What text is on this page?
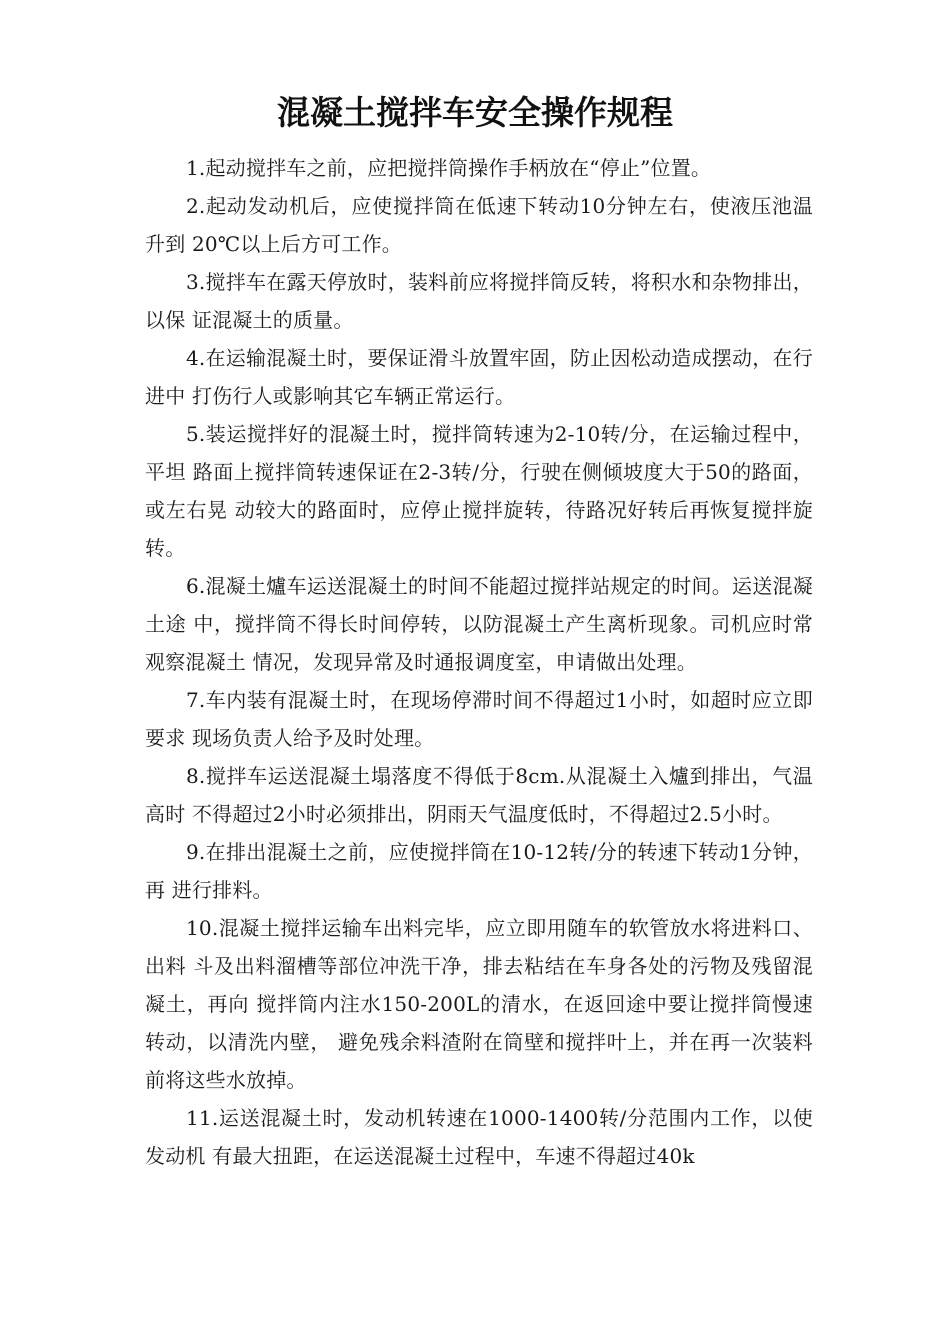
混凝土搅拌车安全操作规程

1.起动搅拌车之前，应把搅拌筒操作手柄放在“停止”位置。

2.起动发动机后，应使搅拌筒在低速下转动10分钟左右，使液压池温升到 20℃以上后方可工作。

3.搅拌车在露天停放时，装料前应将搅拌筒反转，将积水和杂物排出，以保 证混凝土的质量。

4.在运输混凝土时，要保证滑斗放置牢固，防止因松动造成摆动，在行进中 打伤行人或影响其它车辆正常运行。

5.装运搅拌好的混凝土时，搅拌筒转速为2-10转/分，在运输过程中，平坦 路面上搅拌筒转速保证在2-3转/分，行驶在侧倾坡度大于50的路面，或左右晃 动较大的路面时，应停止搅拌旋转，待路况好转后再恢复搅拌旋转。

6.混凝土爐车运送混凝土的时间不能超过搅拌站规定的时间。运送混凝土途 中，搅拌筒不得长时间停转，以防混凝土产生离析现象。司机应时常观察混凝土 情况，发现异常及时通报调度室，申请做出处理。

7.车内装有混凝土时，在现场停滞时间不得超过1小时，如超时应立即要求 现场负责人给予及时处理。

8.搅拌车运送混凝土塌落度不得低于8cm.从混凝土入爐到排出，气温高时 不得超过2小时必须排出，阴雨天气温度低时，不得超过2.5小时。

9.在排出混凝土之前，应使搅拌筒在10-12转/分的转速下转动1分钟，再 进行排料。

10.混凝土搅拌运输车出料完毕，应立即用随车的软管放水将进料口、出料 斗及出料溜槽等部位冲洗干净，排去粘结在车身各处的污物及残留混凝土，再向 搅拌筒内注水150-200L的清水，在返回途中要让搅拌筒慢速转动，以清洗内壁， 避免残余料渣附在筒壁和搅拌叶上，并在再一次装料前将这些水放掉。

11.运送混凝土时，发动机转速在1000-1400转/分范围内工作，以使发动机 有最大扭距，在运送混凝土过程中，车速不得超过40k
